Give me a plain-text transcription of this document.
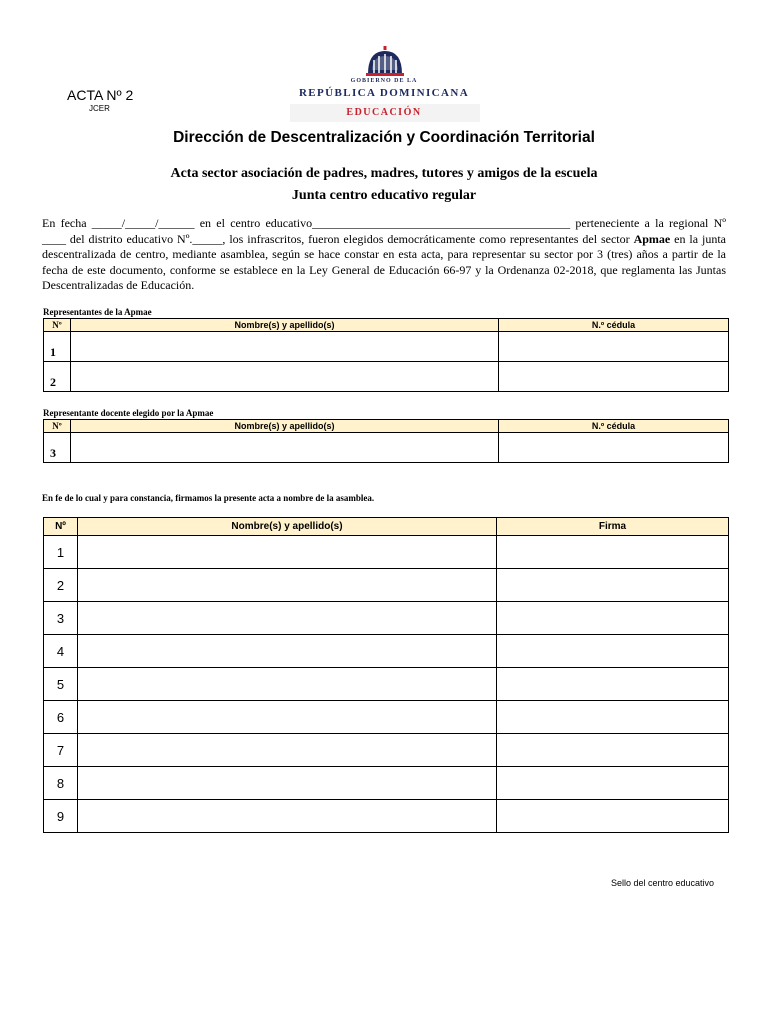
ACTA Nº 2
JCER
GOBIERNO DE LA
REPÚBLICA DOMINICANA
EDUCACIÓN
Dirección de Descentralización y Coordinación Territorial
Acta sector asociación de padres, madres, tutores y amigos de la escuela
Junta centro educativo regular
En fecha _____/_____/______ en el centro educativo___________________________________________ perteneciente a la regional Nº ____ del distrito educativo Nº._____, los infrascritos, fueron elegidos democráticamente como representantes del sector Apmae en la junta descentralizada de centro, mediante asamblea, según se hace constar en esta acta, para representar su sector por 3 (tres) años a partir de la fecha de este documento, conforme se establece en la Ley General de Educación 66-97 y la Ordenanza 02-2018, que reglamenta las Juntas Descentralizadas de Educación.
Representantes de la Apmae
Nº	Nombre(s) y apellido(s)	N.º cédula
1		
2		
Representante docente elegido por la Apmae
Nº	Nombre(s) y apellido(s)	N.º cédula
3		
En fe de lo cual y para constancia, firmamos la presente acta a nombre de la asamblea.
Nº	Nombre(s) y apellido(s)	Firma
1		
2		
3		
4		
5		
6		
7		
8		
9		
Sello del centro educativo
